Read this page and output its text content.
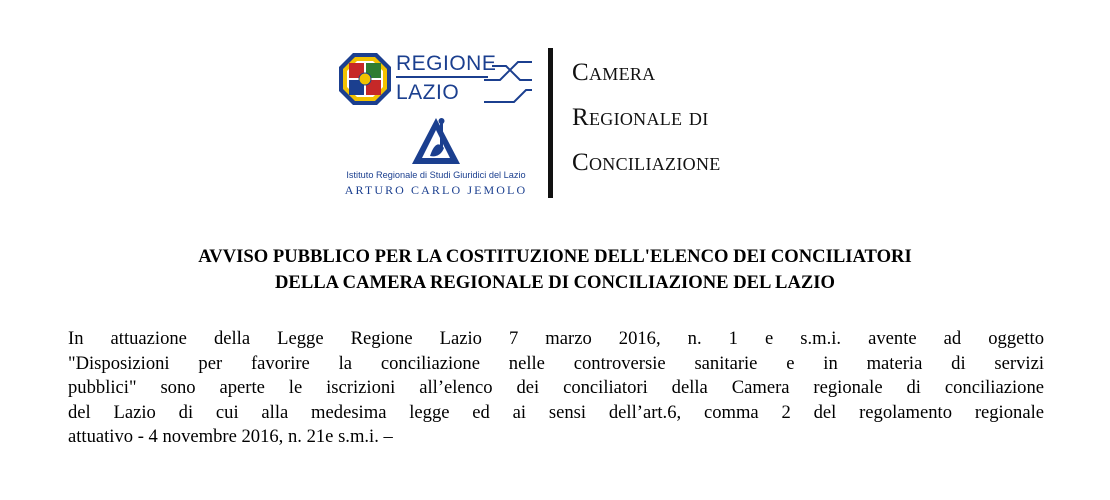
REGIONE
LAZIO
Istituto Regionale di Studi Giuridici del Lazio
ARTURO CARLO JEMOLO
Camera
Regionale di
Conciliazione
AVVISO PUBBLICO PER LA COSTITUZIONE DELL'ELENCO DEI CONCILIATORI
DELLA CAMERA REGIONALE DI CONCILIAZIONE DEL LAZIO
In attuazione della Legge Regione Lazio 7 marzo 2016, n. 1 e s.m.i. avente ad oggetto
"Disposizioni per favorire la conciliazione nelle controversie sanitarie e in materia di servizi
pubblici" sono aperte le iscrizioni all’elenco dei conciliatori della Camera regionale di conciliazione
del Lazio di cui alla medesima legge ed ai sensi dell’art.6, comma 2 del regolamento regionale
attuativo - 4 novembre 2016, n. 21e s.m.i. –
